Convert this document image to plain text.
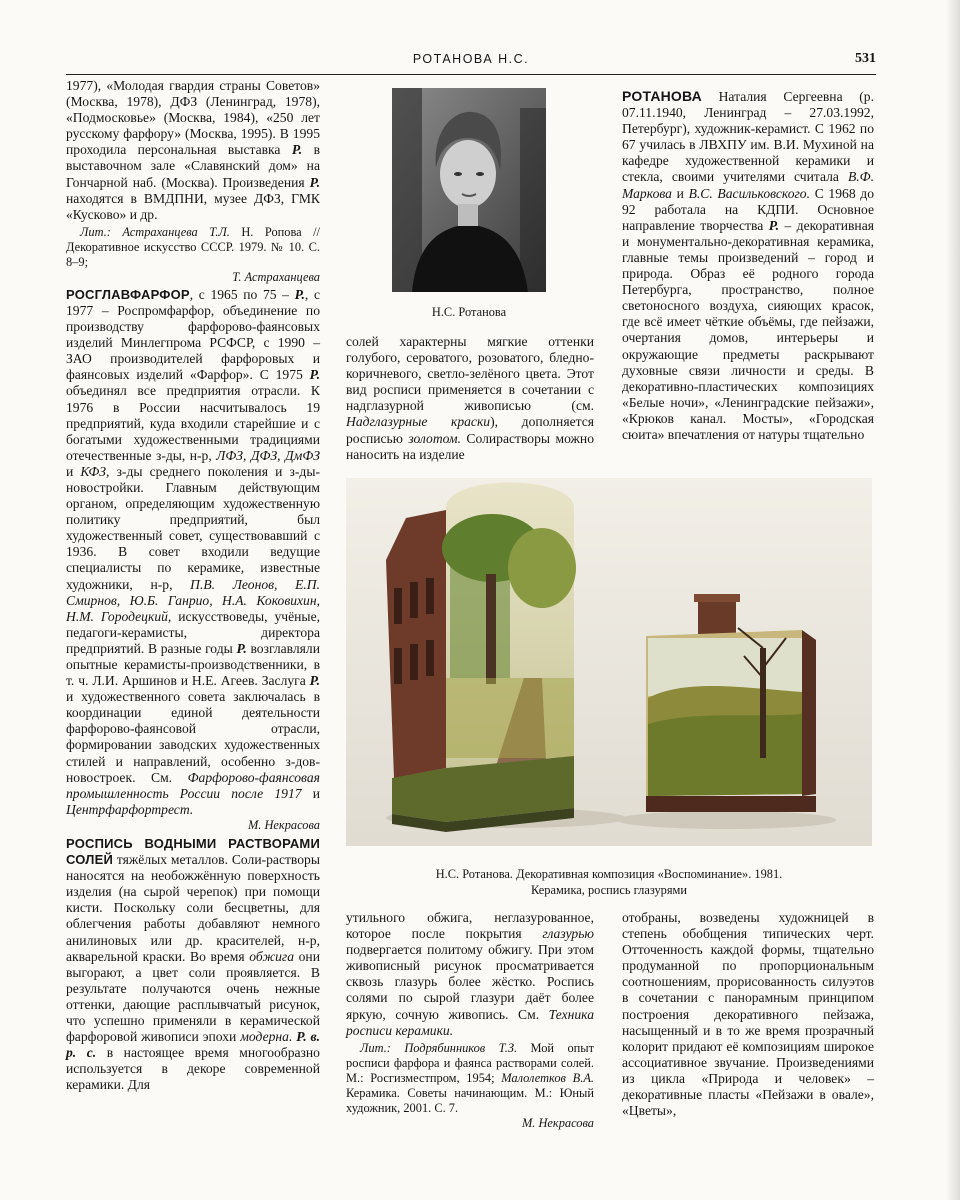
РОТАНОВА Н.С.	531

1977), «Молодая гвардия страны Советов» (Москва, 1978), ДФЗ (Ленинград, 1978), «Подмосковье» (Москва, 1984), «250 лет русскому фарфору» (Москва, 1995). В 1995 проходила персональная выставка Р. в выставочном зале «Славянский дом» на Гончарной наб. (Москва). Произведения Р. находятся в ВМДПНИ, музее ДФЗ, ГМК «Кусково» и др.

Лит.: Астраханцева Т.Л. Н. Ропова // Декоративное искусство СССР. 1979. № 10. С. 8–9;

Т. Астраханцева

РОСГЛАВФАРФОР, с 1965 по 75 – Р., с 1977 – Роспромфарфор, объединение по производству фарфорово-фаянсовых изделий Минлегпрома РСФСР, с 1990 – ЗАО производителей фарфоровых и фаянсовых изделий «Фарфор». С 1975 Р. объединял все предприятия отрасли. К 1976 в России насчитывалось 19 предприятий, куда входили старейшие и с богатыми художественными традициями отечественные з-ды, н-р, ЛФЗ, ДФЗ, ДмФЗ и КФЗ, з-ды среднего поколения и з-ды-новостройки. Главным действующим органом, определяющим художественную политику предприятий, был художественный совет, существовавший с 1936. В совет входили ведущие специалисты по керамике, известные художники, н-р, П.В. Леонов, Е.П. Смирнов, Ю.Б. Ганрио, Н.А. Коковихин, Н.М. Городецкий, искусствоведы, учёные, педагоги-керамисты, директора предприятий. В разные годы Р. возглавляли опытные керамисты-производственники, в т. ч. Л.И. Аршинов и Н.Е. Агеев. Заслуга Р. и художественного совета заключалась в координации единой деятельности фарфорово-фаянсовой отрасли, формировании заводских художественных стилей и направлений, особенно з-дов-новостроек. См. Фарфорово-фаянсовая промышленность России после 1917 и Центрфарфортрест.

М. Некрасова

РОСПИСЬ ВОДНЫМИ РАСТВОРАМИ СОЛЕЙ тяжёлых металлов. Соли-растворы наносятся на необожжённую поверхность изделия (на сырой черепок) при помощи кисти. Поскольку соли бесцветны, для облегчения работы добавляют немного анилиновых или др. красителей, н-р, акварельной краски. Во время обжига они выгорают, а цвет соли проявляется. В результате получаются очень нежные оттенки, дающие расплывчатый рисунок, что успешно применяли в керамической фарфоровой живописи эпохи модерна. Р. в. р. с. в настоящее время многообразно используется в декоре современной керамики. Для

Н.С. Ротанова

солей характерны мягкие оттенки голубого, сероватого, розоватого, бледно-коричневого, светло-зелёного цвета. Этот вид росписи применяется в сочетании с надглазурной живописью (см. Надглазурные краски), дополняется росписью золотом. Солирастворы можно наносить на изделие

РОТАНОВА Наталия Сергеевна (р. 07.11.1940, Ленинград – 27.03.1992, Петербург), художник-керамист. С 1962 по 67 училась в ЛВХПУ им. В.И. Мухиной на кафедре художественной керамики и стекла, своими учителями считала В.Ф. Маркова и В.С. Васильковского. С 1968 до 92 работала на КДПИ. Основное направление творчества Р. – декоративная и монументально-декоративная керамика, главные темы произведений – город и природа. Образ её родного города Петербурга, пространство, полное светоносного воздуха, сияющих красок, где всё имеет чёткие объёмы, где пейзажи, очертания домов, интерьеры и окружающие предметы раскрывают духовные связи личности и среды. В декоративно-пластических композициях «Белые ночи», «Ленинградские пейзажи», «Крюков канал. Мосты», «Городская сюита» впечатления от натуры тщательно

Н.С. Ротанова. Декоративная композиция «Воспоминание». 1981.
Керамика, роспись глазурями

утильного обжига, неглазурованное, которое после покрытия глазурью подвергается политому обжигу. При этом живописный рисунок просматривается сквозь глазурь более жёстко. Роспись солями по сырой глазури даёт более яркую, сочную живопись. См. Техника росписи керамики.

Лит.: Подрябинников Т.З. Мой опыт росписи фарфора и фаянса растворами солей. М.: Росгизместпром, 1954; Малолетков В.А. Керамика. Советы начинающим. М.: Юный художник, 2001. С. 7.

М. Некрасова

отобраны, возведены художницей в степень обобщения типических черт. Отточенность каждой формы, тщательно продуманной по пропорциональным соотношениям, прорисованность силуэтов в сочетании с панорамным принципом построения декоративного пейзажа, насыщенный и в то же время прозрачный колорит придают её композициям широкое ассоциативное звучание. Произведениями из цикла «Природа и человек» – декоративные пласты «Пейзажи в овале», «Цветы»,
